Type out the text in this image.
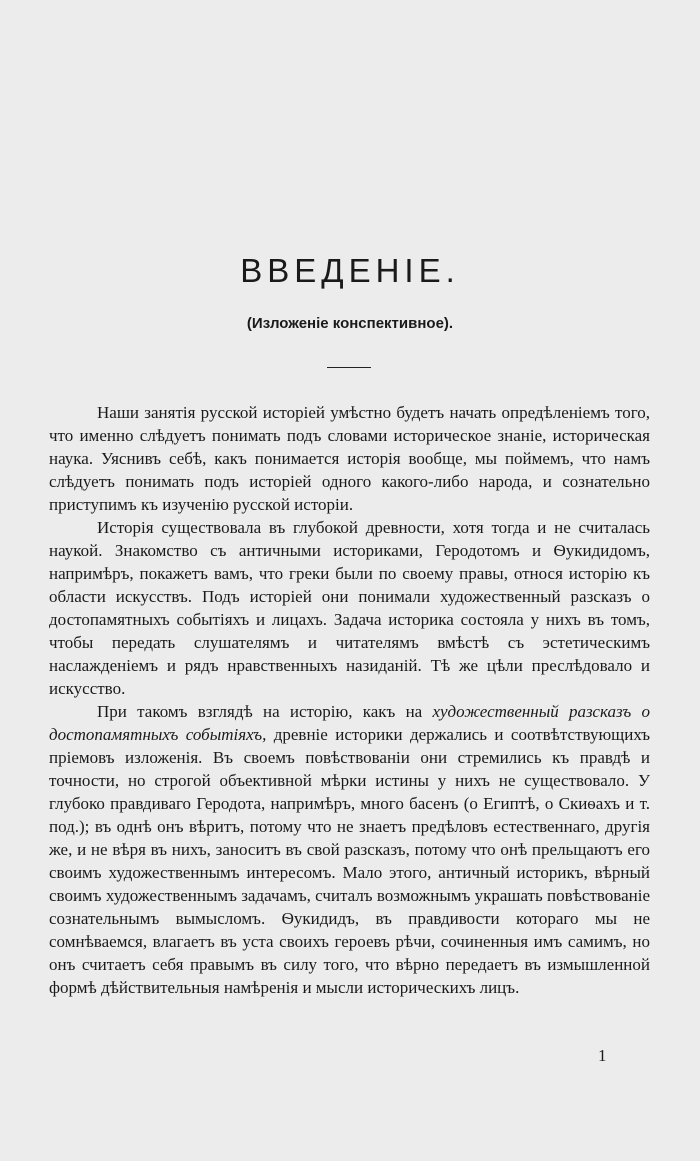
ВВЕДЕНІЕ.
(Изложеніе конспективное).

Наши занятія русской исторіей умѣстно будетъ начать опредѣленіемъ того, что именно слѣдуетъ понимать подъ словами историческое знаніе, историческая наука. Уяснивъ себѣ, какъ понимается исторія вообще, мы поймемъ, что намъ слѣдуетъ понимать подъ исторіей одного какого-либо народа, и сознательно приступимъ къ изученію русской исторіи.

Исторія существовала въ глубокой древности, хотя тогда и не считалась наукой. Знакомство съ античными историками, Геродотомъ и Ѳукидидомъ, напримѣръ, покажетъ вамъ, что греки были по своему правы, относя исторію къ области искусствъ. Подъ исторіей они понимали художественный разсказъ о достопамятныхъ событіяхъ и лицахъ. Задача историка состояла у нихъ въ томъ, чтобы передать слушателямъ и читателямъ вмѣстѣ съ эстетическимъ наслажденіемъ и рядъ нравственныхъ назиданій. Тѣ же цѣли преслѣдовало и искусство.

При такомъ взглядѣ на исторію, какъ на художественный разсказъ о достопамятныхъ событіяхъ, древніе историки держались и соотвѣтствующихъ пріемовъ изложенія. Въ своемъ повѣствованіи они стремились къ правдѣ и точности, но строгой объективной мѣрки истины у нихъ не существовало. У глубоко правдиваго Геродота, напримѣръ, много басенъ (о Египтѣ, о Скиѳахъ и т. под.); въ однѣ онъ вѣритъ, потому что не знаетъ предѣловъ естественнаго, другія же, и не вѣря въ нихъ, заноситъ въ свой разсказъ, потому что онѣ прельщаютъ его своимъ художественнымъ интересомъ. Мало этого, античный историкъ, вѣрный своимъ художественнымъ задачамъ, считалъ возможнымъ украшать повѣствованіе сознательнымъ вымысломъ. Ѳукидидъ, въ правдивости котораго мы не сомнѣваемся, влагаетъ въ уста своихъ героевъ рѣчи, сочиненныя имъ самимъ, но онъ считаетъ себя правымъ въ силу того, что вѣрно передаетъ въ измышленной формѣ дѣйствительныя намѣренія и мысли историческихъ лицъ.

1
